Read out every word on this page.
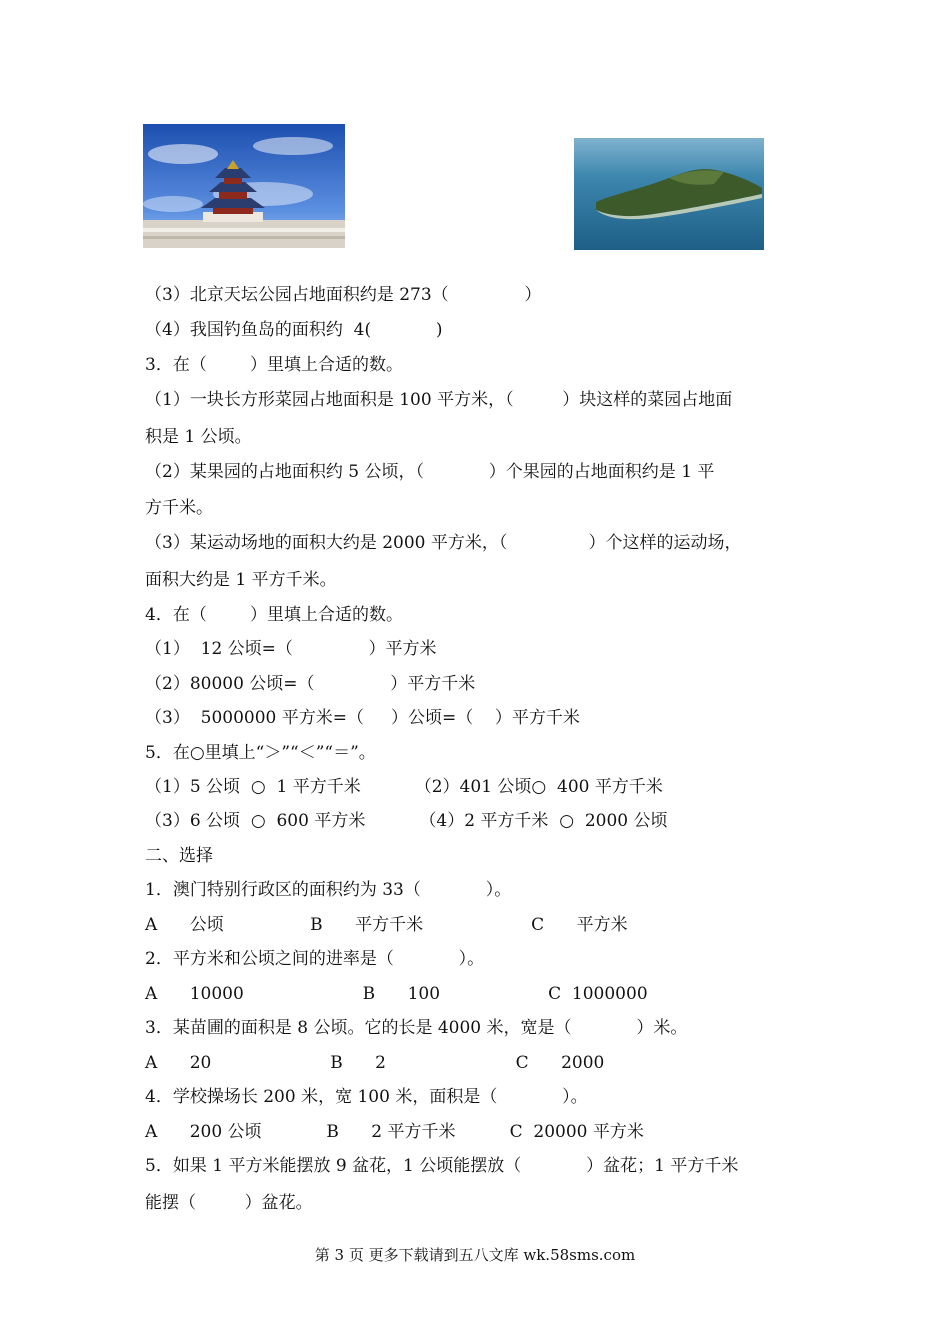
（3）北京天坛公园占地面积约是 273（              ）
（4）我国钓鱼岛的面积约  4(            )
3．在（        ）里填上合适的数。
（1）一块长方形菜园占地面积是 100 平方米，（         ）块这样的菜园占地面
积是 1 公顷。
（2）某果园的占地面积约 5 公顷，（            ）个果园的占地面积约是 1 平
方千米。
（3）某运动场地的面积大约是 2000 平方米，（               ）个这样的运动场，
面积大约是 1 平方千米。
4．在（        ）里填上合适的数。
（1）  12 公顷=（              ）平方米
（2）80000 公顷=（              ）平方千米
（3）  5000000 平方米=（     ）公顷=（    ）平方千米
5．在○里填上“＞”“＜”“＝”。
（1）5 公顷  ○  1 平方千米          （2）401 公顷○  400 平方千米
（3）6 公顷  ○  600 平方米          （4）2 平方千米  ○  2000 公顷
二、选择
1．澳门特别行政区的面积约为 33（            ）。
A      公顷                B      平方千米                    C      平方米
2．平方米和公顷之间的进率是（            ）。
A      10000                      B      100                    C  1000000
3．某苗圃的面积是 8 公顷。它的长是 4000 米，宽是（            ）米。
A      20                      B      2                        C      2000
4．学校操场长 200 米，宽 100 米，面积是（            ）。
A      200 公顷            B      2 平方千米          C  20000 平方米
5．如果 1 平方米能摆放 9 盆花，1 公顷能摆放（            ）盆花；1 平方千米
能摆（         ）盆花。
第 3 页 更多下载请到五八文库 wk.58sms.com
